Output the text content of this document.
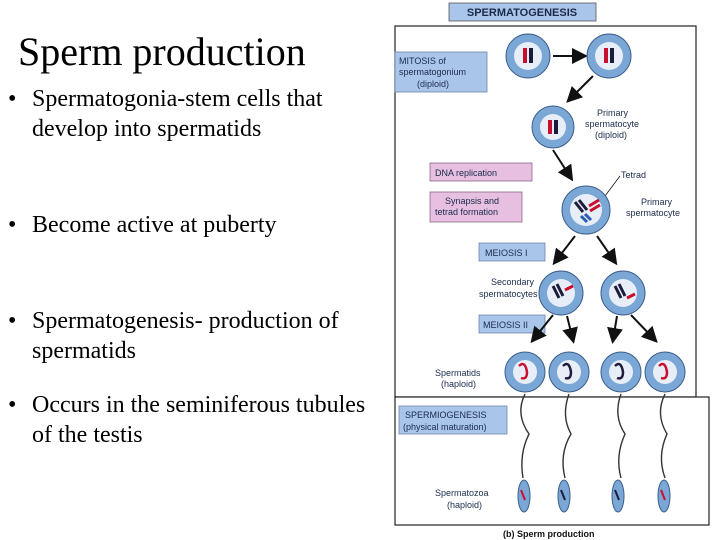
Sperm production
• Spermatogonia-stem cells that develop into spermatids
• Become active at puberty
• Spermatogenesis- production of spermatids
• Occurs in the seminiferous tubules of the testis
SPERMATOGENESIS
MITOSIS of spermatogonium (diploid)
Primary spermatocyte (diploid)
DNA replication	Tetrad
Synapsis and tetrad formation
Primary spermatocyte
MEIOSIS I
Secondary spermatocytes
MEIOSIS II
Spermatids (haploid)
SPERMIOGENESIS (physical maturation)
Spermatozoa (haploid)
(b) Sperm production
